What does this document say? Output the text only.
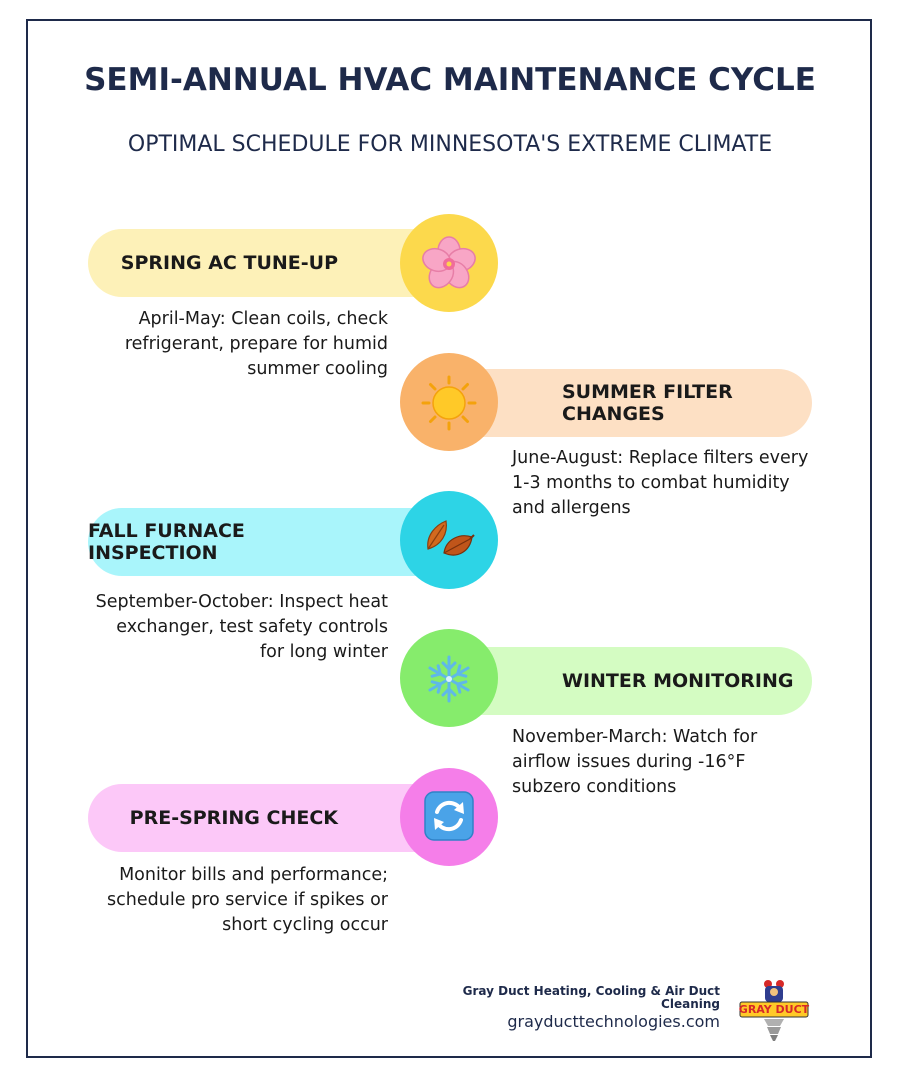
SEMI-ANNUAL HVAC MAINTENANCE CYCLE
OPTIMAL SCHEDULE FOR MINNESOTA'S EXTREME CLIMATE
SPRING AC TUNE-UP
April-May: Clean coils, check refrigerant, prepare for humid summer cooling
SUMMER FILTER CHANGES
June-August: Replace filters every 1-3 months to combat humidity and allergens
FALL FURNACE INSPECTION
September-October: Inspect heat exchanger, test safety controls for long winter
WINTER MONITORING
November-March: Watch for airflow issues during -16°F subzero conditions
PRE-SPRING CHECK
Monitor bills and performance; schedule pro service if spikes or short cycling occur
Gray Duct Heating, Cooling & Air Duct Cleaning
grayducttechnologies.com
GRAY DUCT
